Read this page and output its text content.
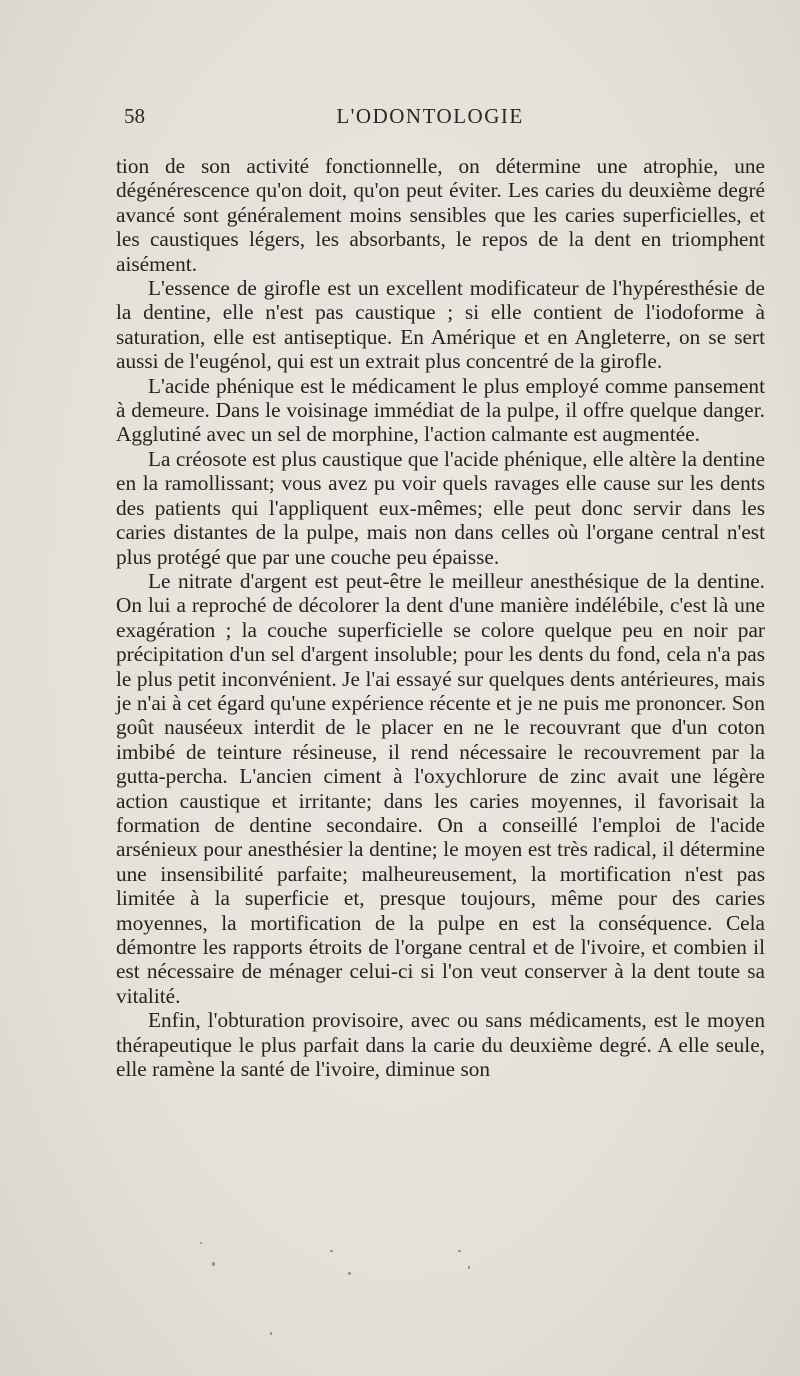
58	L'ODONTOLOGIE

tion de son activité fonctionnelle, on détermine une atrophie, une dégénérescence qu'on doit, qu'on peut éviter. Les caries du deuxième degré avancé sont généralement moins sensibles que les caries superficielles, et les caustiques légers, les absorbants, le repos de la dent en triomphent aisément.

L'essence de girofle est un excellent modificateur de l'hypéresthésie de la dentine, elle n'est pas caustique ; si elle contient de l'iodoforme à saturation, elle est antiseptique. En Amérique et en Angleterre, on se sert aussi de l'eugénol, qui est un extrait plus concentré de la girofle.

L'acide phénique est le médicament le plus employé comme pansement à demeure. Dans le voisinage immédiat de la pulpe, il offre quelque danger. Agglutiné avec un sel de morphine, l'action calmante est augmentée.

La créosote est plus caustique que l'acide phénique, elle altère la dentine en la ramollissant; vous avez pu voir quels ravages elle cause sur les dents des patients qui l'appliquent eux-mêmes; elle peut donc servir dans les caries distantes de la pulpe, mais non dans celles où l'organe central n'est plus protégé que par une couche peu épaisse.

Le nitrate d'argent est peut-être le meilleur anesthésique de la dentine. On lui a reproché de décolorer la dent d'une manière indélébile, c'est là une exagération ; la couche superficielle se colore quelque peu en noir par précipitation d'un sel d'argent insoluble; pour les dents du fond, cela n'a pas le plus petit inconvénient. Je l'ai essayé sur quelques dents antérieures, mais je n'ai à cet égard qu'une expérience récente et je ne puis me prononcer. Son goût nauséeux interdit de le placer en ne le recouvrant que d'un coton imbibé de teinture résineuse, il rend nécessaire le recouvrement par la gutta-percha. L'ancien ciment à l'oxychlorure de zinc avait une légère action caustique et irritante; dans les caries moyennes, il favorisait la formation de dentine secondaire. On a conseillé l'emploi de l'acide arsénieux pour anesthésier la dentine; le moyen est très radical, il détermine une insensibilité parfaite; malheureusement, la mortification n'est pas limitée à la superficie et, presque toujours, même pour des caries moyennes, la mortification de la pulpe en est la conséquence. Cela démontre les rapports étroits de l'organe central et de l'ivoire, et combien il est nécessaire de ménager celui-ci si l'on veut conserver à la dent toute sa vitalité.

Enfin, l'obturation provisoire, avec ou sans médicaments, est le moyen thérapeutique le plus parfait dans la carie du deuxième degré. A elle seule, elle ramène la santé de l'ivoire, diminue son
